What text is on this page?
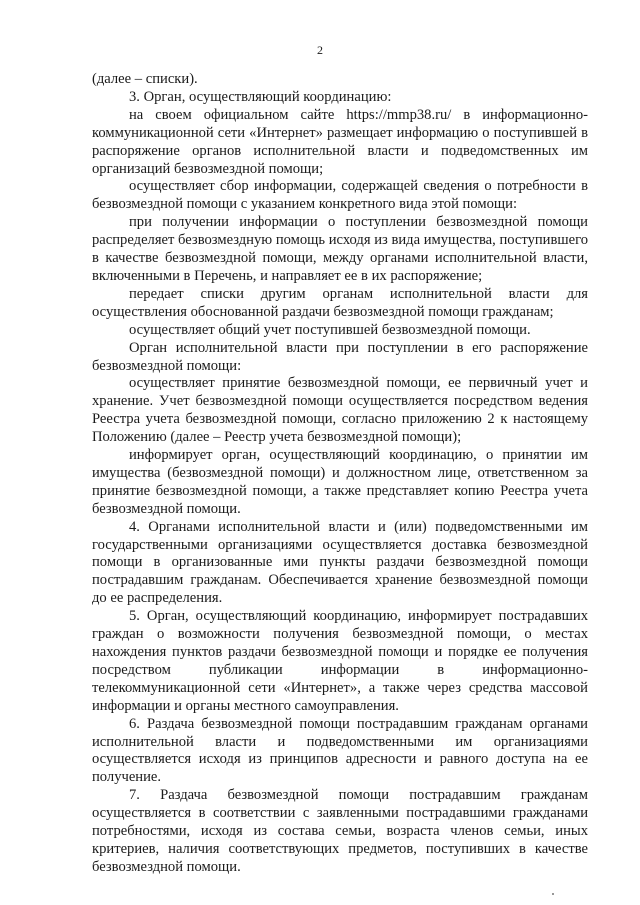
2

(далее – списки).

3. Орган, осуществляющий координацию:

на своем официальном сайте https://mmp38.ru/ в информационно-коммуникационной сети «Интернет» размещает информацию о поступившей в распоряжение органов исполнительной власти и подведомственных им организаций безвозмездной помощи;

осуществляет сбор информации, содержащей сведения о потребности в безвозмездной помощи с указанием конкретного вида этой помощи:

при получении информации о поступлении безвозмездной помощи распределяет безвозмездную помощь исходя из вида имущества, поступившего в качестве безвозмездной помощи, между органами исполнительной власти, включенными в Перечень, и направляет ее в их распоряжение;

передает списки другим органам исполнительной власти для осуществления обоснованной раздачи безвозмездной помощи гражданам;

осуществляет общий учет поступившей безвозмездной помощи.

Орган исполнительной власти при поступлении в его распоряжение безвозмездной помощи:

осуществляет принятие безвозмездной помощи, ее первичный учет и хранение. Учет безвозмездной помощи осуществляется посредством ведения Реестра учета безвозмездной помощи, согласно приложению 2 к настоящему Положению (далее – Реестр учета безвозмездной помощи);

информирует орган, осуществляющий координацию, о принятии им имущества (безвозмездной помощи) и должностном лице, ответственном за принятие безвозмездной помощи, а также представляет копию Реестра учета безвозмездной помощи.

4. Органами исполнительной власти и (или) подведомственными им государственными организациями осуществляется доставка безвозмездной помощи в организованные ими пункты раздачи безвозмездной помощи пострадавшим гражданам. Обеспечивается хранение безвозмездной помощи до ее распределения.

5. Орган, осуществляющий координацию, информирует пострадавших граждан о возможности получения безвозмездной помощи, о местах нахождения пунктов раздачи безвозмездной помощи и порядке ее получения посредством публикации информации в информационно-телекоммуникационной сети «Интернет», а также через средства массовой информации и органы местного самоуправления.

6. Раздача безвозмездной помощи пострадавшим гражданам органами исполнительной власти и подведомственными им организациями осуществляется исходя из принципов адресности и равного доступа на ее получение.

7. Раздача безвозмездной помощи пострадавшим гражданам осуществляется в соответствии с заявленными пострадавшими гражданами потребностями, исходя из состава семьи, возраста членов семьи, иных критериев, наличия соответствующих предметов, поступивших в качестве безвозмездной помощи.
